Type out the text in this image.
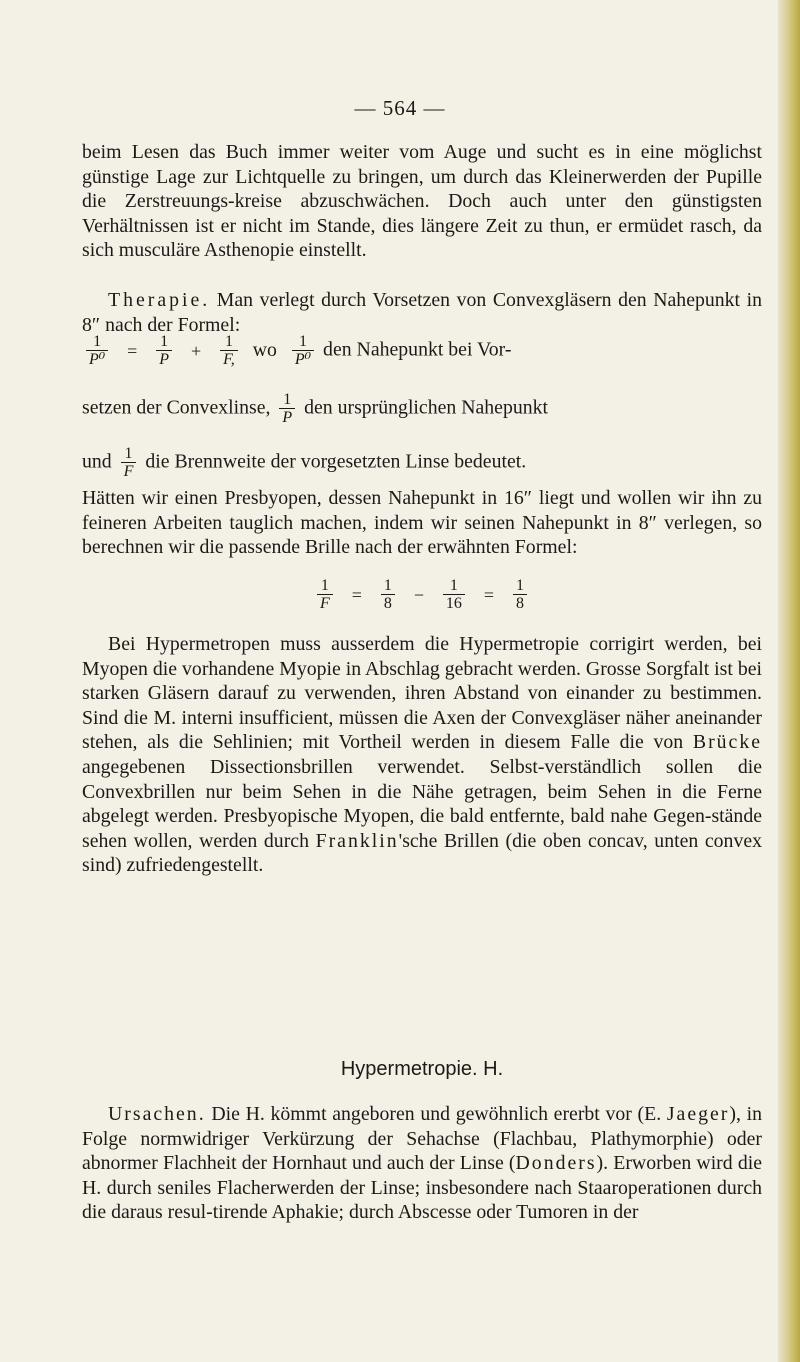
— 564 —
beim Lesen das Buch immer weiter vom Auge und sucht es in eine möglichst günstige Lage zur Lichtquelle zu bringen, um durch das Kleinerwerden der Pupille die Zerstreuungs-kreise abzuschwächen. Doch auch unter den günstigsten Verhältnissen ist er nicht im Stande, dies längere Zeit zu thun, er ermüdet rasch, da sich musculäre Asthenopie einstellt.
Therapie. Man verlegt durch Vorsetzen von Convexgläsern den Nahepunkt in 8″ nach der Formel:
$\frac{1}{\text{P⁰}} = \frac{1}{P} + \frac{1}{F,}$ wo $\frac{1}{\text{P⁰}}$ den Nahepunkt bei Vor-
setzen der Convexlinse, $\frac{1}{P}$ den ursprünglichen Nahepunkt
und $\frac{1}{F}$ die Brennweite der vorgesetzten Linse bedeutet.
Hätten wir einen Presbyopen, dessen Nahepunkt in 16″ liegt und wollen wir ihn zu feineren Arbeiten tauglich machen, indem wir seinen Nahepunkt in 8″ verlegen, so berechnen wir die passende Brille nach der erwähnten Formel:
$\frac{1}{F} = \frac{1}{8} - \frac{1}{16} = \frac{1}{8}$
Bei Hypermetropen muss ausserdem die Hypermetropie corrigirt werden, bei Myopen die vorhandene Myopie in Abschlag gebracht werden. Grosse Sorgfalt ist bei starken Gläsern darauf zu verwenden, ihren Abstand von einander zu bestimmen. Sind die M. interni insufficient, müssen die Axen der Convexgläser näher aneinander stehen, als die Sehlinien; mit Vortheil werden in diesem Falle die von Brücke angegebenen Dissectionsbrillen verwendet. Selbst-verständlich sollen die Convexbrillen nur beim Sehen in die Nähe getragen, beim Sehen in die Ferne abgelegt werden. Presbyopische Myopen, die bald entfernte, bald nahe Gegen-stände sehen wollen, werden durch Franklin'sche Brillen (die oben concav, unten convex sind) zufriedengestellt.
Hypermetropie. H.
Ursachen. Die H. kömmt angeboren und gewöhnlich ererbt vor (E. Jaeger), in Folge normwidriger Verkürzung der Sehachse (Flachbau, Plathymorphie) oder abnormer Flachheit der Hornhaut und auch der Linse (Donders). Erworben wird die H. durch seniles Flacherwerden der Linse; insbesondere nach Staaroperationen durch die daraus resul-tirende Aphakie; durch Abscesse oder Tumoren in der
